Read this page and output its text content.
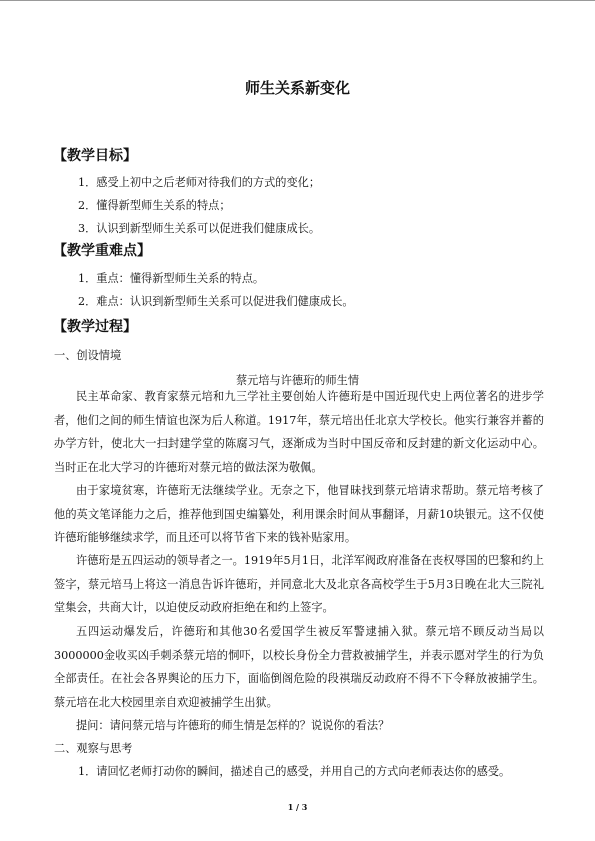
师生关系新变化
【教学目标】
1．感受上初中之后老师对待我们的方式的变化；
2．懂得新型师生关系的特点；
3．认识到新型师生关系可以促进我们健康成长。
【教学重难点】
1．重点：懂得新型师生关系的特点。
2．难点：认识到新型师生关系可以促进我们健康成长。
【教学过程】
一、创设情境
蔡元培与许德珩的师生情
民主革命家、教育家蔡元培和九三学社主要创始人许德珩是中国近现代史上两位著名的进步学者，他们之间的师生情谊也深为后人称道。1917年，蔡元培出任北京大学校长。他实行兼容并蓄的办学方针，使北大一扫封建学堂的陈腐习气，逐渐成为当时中国反帝和反封建的新文化运动中心。当时正在北大学习的许德珩对蔡元培的做法深为敬佩。
由于家境贫寒，许德珩无法继续学业。无奈之下，他冒昧找到蔡元培请求帮助。蔡元培考核了他的英文笔译能力之后，推荐他到国史编纂处，利用课余时间从事翻译，月薪10块银元。这不仅使许德珩能够继续求学，而且还可以将节省下来的钱补贴家用。
许德珩是五四运动的领导者之一。1919年5月1日，北洋军阀政府准备在丧权辱国的巴黎和约上签字，蔡元培马上将这一消息告诉许德珩，并同意北大及北京各高校学生于5月3日晚在北大三院礼堂集会，共商大计，以迫使反动政府拒绝在和约上签字。
五四运动爆发后，许德珩和其他30名爱国学生被反军警逮捕入狱。蔡元培不顾反动当局以3000000金收买凶手刺杀蔡元培的恫吓，以校长身份全力营救被捕学生，并表示愿对学生的行为负全部责任。在社会各界舆论的压力下，面临倒阁危险的段祺瑞反动政府不得不下令释放被捕学生。蔡元培在北大校园里亲自欢迎被捕学生出狱。
提问：请问蔡元培与许德珩的师生情是怎样的？说说你的看法？
二、观察与思考
1．请回忆老师打动你的瞬间，描述自己的感受，并用自己的方式向老师表达你的感受。
1 / 3
